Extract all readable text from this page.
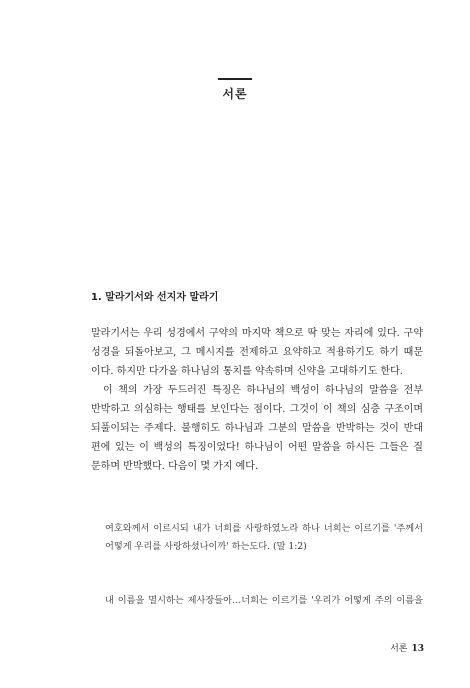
서론
1. 말라기서와 선지자 말라기
말라기서는 우리 성경에서 구약의 마지막 책으로 딱 맞는 자리에 있다. 구약
성경을 되돌아보고, 그 메시지를 전제하고 요약하고 적용하기도 하기 때문
이다. 하지만 다가올 하나님의 통치를 약속하며 신약을 고대하기도 한다.
이 책의 가장 두드러진 특징은 하나님의 백성이 하나님의 말씀을 전부
반박하고 의심하는 행태를 보인다는 점이다. 그것이 이 책의 심층 구조이며
되풀이되는 주제다. 불행히도 하나님과 그분의 말씀을 반박하는 것이 반대
편에 있는 이 백성의 특징이었다! 하나님이 어떤 말씀을 하시든 그들은 질
문하며 반박했다. 다음이 몇 가지 예다.
여호와께서 이르시되 내가 너희를 사랑하였노라 하나 너희는 이르기를 '주께서
어떻게 우리를 사랑하셨나이까' 하는도다. (말 1:2)
내 이름을 멸시하는 제사장들아…너희는 이르기를 '우리가 어떻게 주의 이름을
서론 13
